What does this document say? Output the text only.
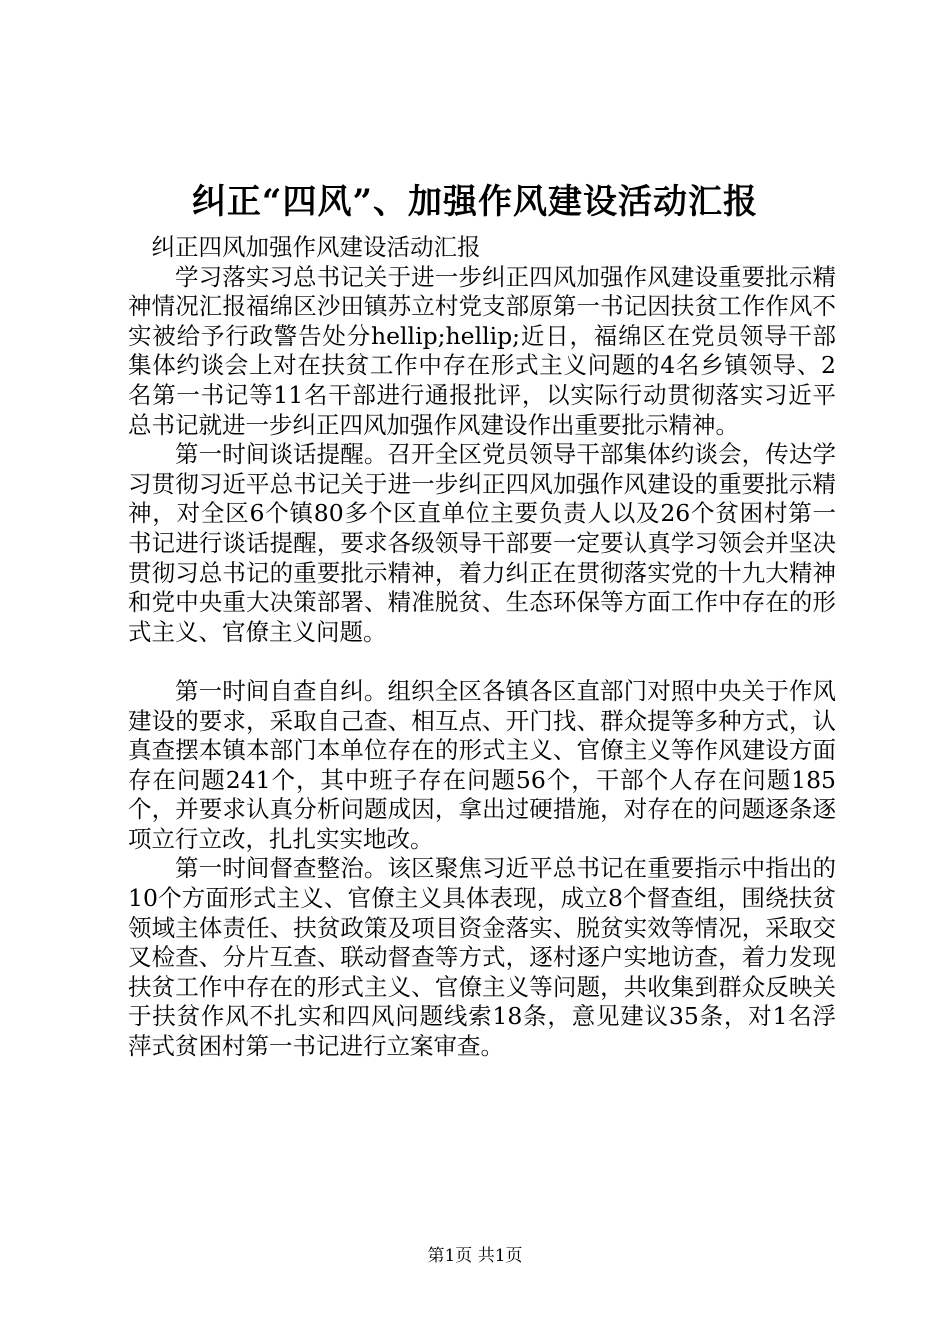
纠正“四风”、加强作风建设活动汇报

纠正四风加强作风建设活动汇报

学习落实习总书记关于进一步纠正四风加强作风建设重要批示精神情况汇报福绵区沙田镇苏立村党支部原第一书记因扶贫工作作风不实被给予行政警告处分hellip;hellip;近日，福绵区在党员领导干部集体约谈会上对在扶贫工作中存在形式主义问题的4名乡镇领导、2名第一书记等11名干部进行通报批评，以实际行动贯彻落实习近平总书记就进一步纠正四风加强作风建设作出重要批示精神。

第一时间谈话提醒。召开全区党员领导干部集体约谈会，传达学习贯彻习近平总书记关于进一步纠正四风加强作风建设的重要批示精神，对全区6个镇80多个区直单位主要负责人以及26个贫困村第一书记进行谈话提醒，要求各级领导干部要一定要认真学习领会并坚决贯彻习总书记的重要批示精神，着力纠正在贯彻落实党的十九大精神和党中央重大决策部署、精准脱贫、生态环保等方面工作中存在的形式主义、官僚主义问题。

第一时间自查自纠。组织全区各镇各区直部门对照中央关于作风建设的要求，采取自己查、相互点、开门找、群众提等多种方式，认真查摆本镇本部门本单位存在的形式主义、官僚主义等作风建设方面存在问题241个，其中班子存在问题56个，干部个人存在问题185个，并要求认真分析问题成因，拿出过硬措施，对存在的问题逐条逐项立行立改，扎扎实实地改。

第一时间督查整治。该区聚焦习近平总书记在重要指示中指出的10个方面形式主义、官僚主义具体表现，成立8个督查组，围绕扶贫领域主体责任、扶贫政策及项目资金落实、脱贫实效等情况，采取交叉检查、分片互查、联动督查等方式，逐村逐户实地访查，着力发现扶贫工作中存在的形式主义、官僚主义等问题，共收集到群众反映关于扶贫作风不扎实和四风问题线索18条，意见建议35条，对1名浮萍式贫困村第一书记进行立案审查。

第1页 共1页
